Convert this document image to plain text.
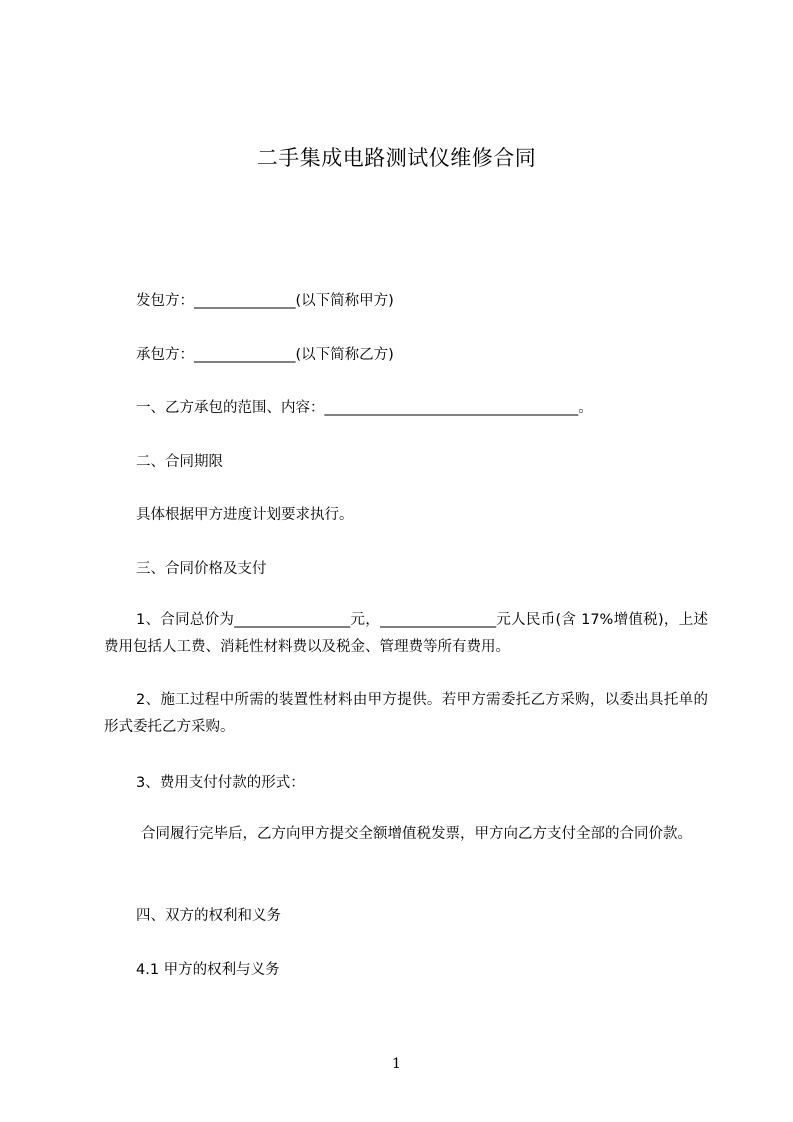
二手集成电路测试仪维修合同
发包方：______________(以下简称甲方)
承包方：______________(以下简称乙方)
一、乙方承包的范围、内容：___________________________________。
二、合同期限
具体根据甲方进度计划要求执行。
三、合同价格及支付
1、合同总价为________________元，________________元人民币(含 17%增值税)，上述费用包括人工费、消耗性材料费以及税金、管理费等所有费用。
2、施工过程中所需的装置性材料由甲方提供。若甲方需委托乙方采购，以委出具托单的形式委托乙方采购。
3、费用支付付款的形式：
合同履行完毕后，乙方向甲方提交全额增值税发票，甲方向乙方支付全部的合同价款。
四、双方的权利和义务
4.1 甲方的权利与义务
1
